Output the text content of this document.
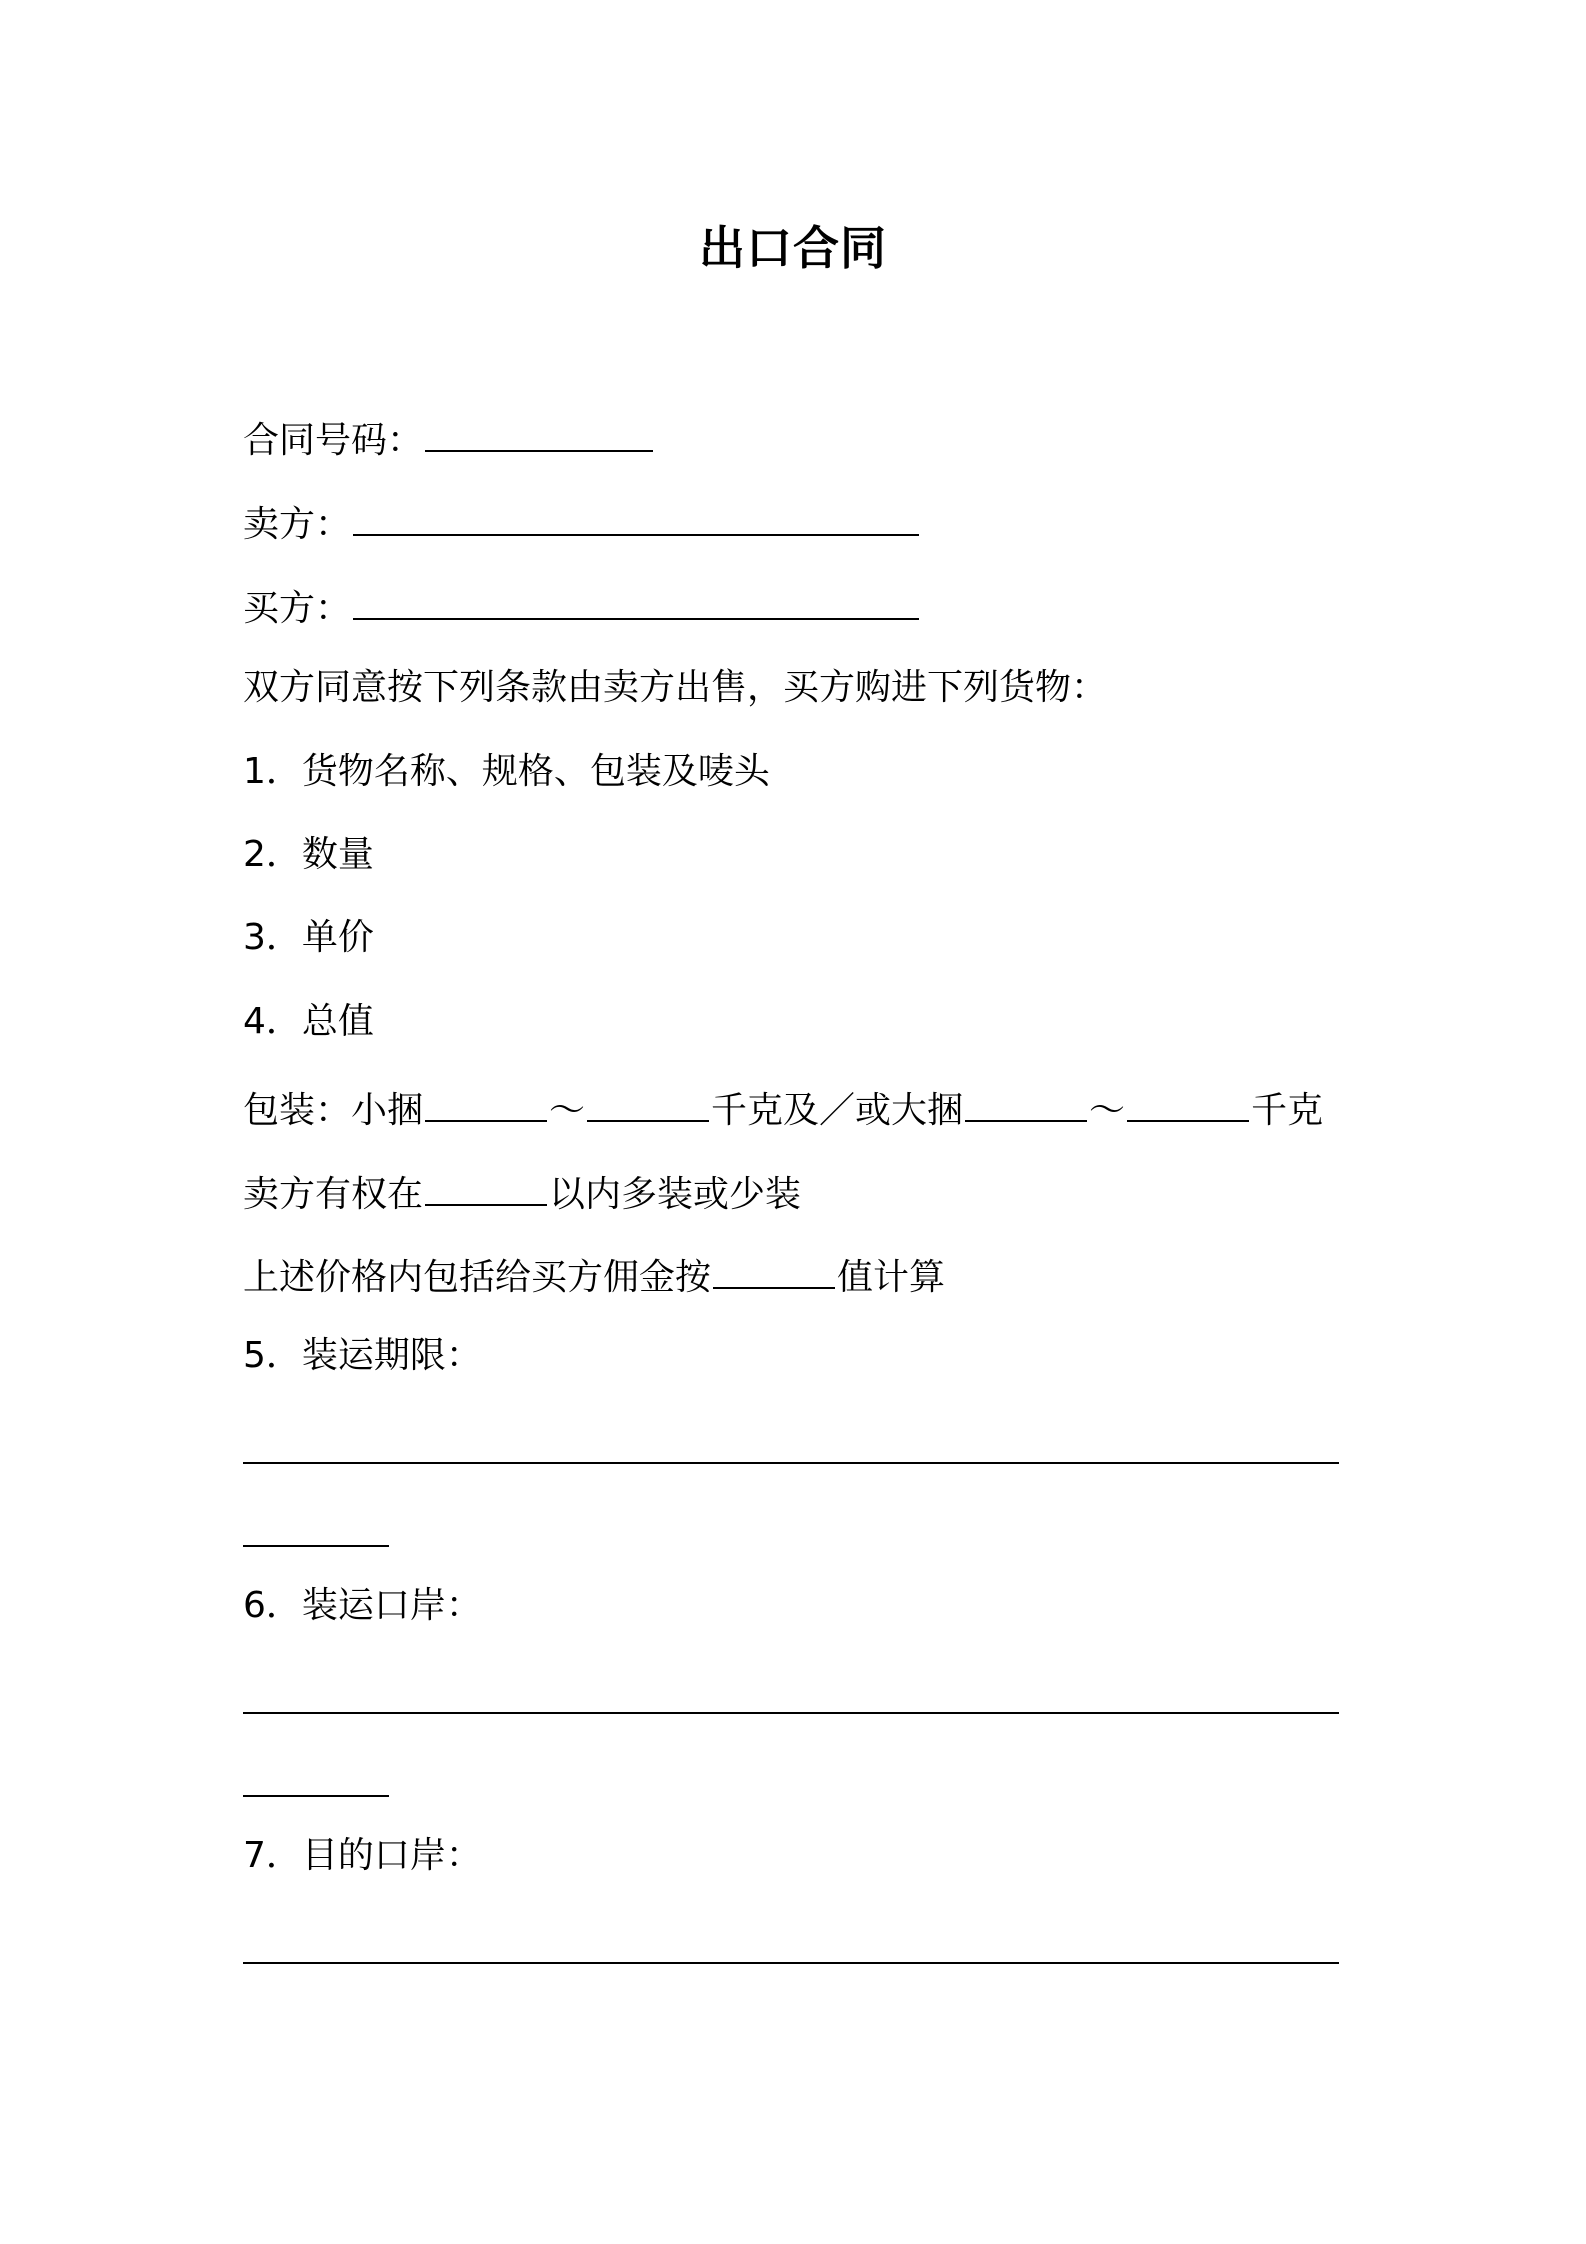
出口合同
合同号码：
卖方：
买方：
双方同意按下列条款由卖方出售，买方购进下列货物：
1．货物名称、规格、包装及唛头
2．数量
3．单价
4．总值
包装：小捆	～	千克及／或大捆	～	千克
卖方有权在	以内多装或少装
上述价格内包括给买方佣金按	值计算
5．装运期限：
6．装运口岸：
7．目的口岸：
